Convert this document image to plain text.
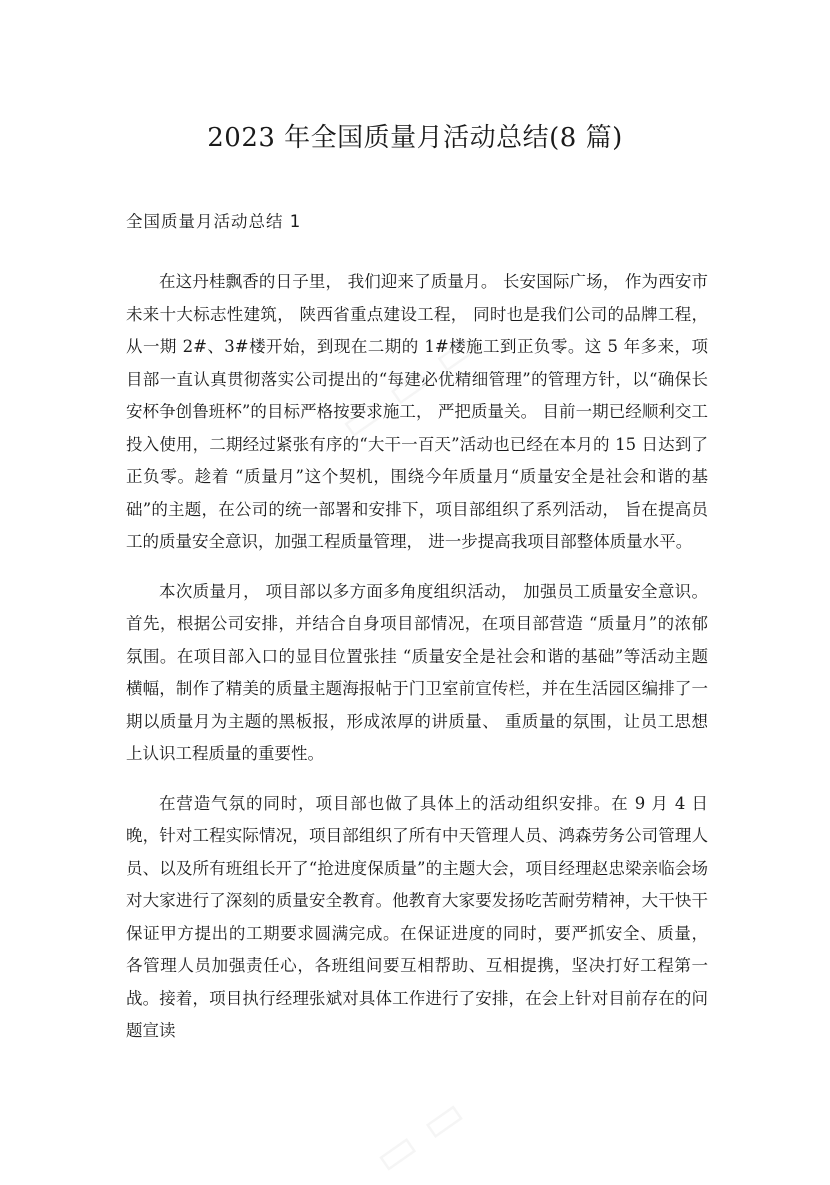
▭ ▭ ▭
▭ ▭
2023 年全国质量月活动总结(8 篇)
全国质量月活动总结 1

在这丹桂飘香的日子里， 我们迎来了质量月。 长安国际广场， 作为西安市未来十大标志性建筑， 陕西省重点建设工程， 同时也是我们公司的品牌工程， 从一期 2#、3#楼开始，到现在二期的 1#楼施工到正负零。这 5 年多来，项目部一直认真贯彻落实公司提出的“每建必优精细管理”的管理方针，以“确保长安杯争创鲁班杯”的目标严格按要求施工， 严把质量关。 目前一期已经顺利交工投入使用，二期经过紧张有序的“大干一百天”活动也已经在本月的 15 日达到了正负零。趁着 “质量月”这个契机，围绕今年质量月“质量安全是社会和谐的基础”的主题，在公司的统一部署和安排下，项目部组织了系列活动， 旨在提高员工的质量安全意识，加强工程质量管理， 进一步提高我项目部整体质量水平。

本次质量月， 项目部以多方面多角度组织活动， 加强员工质量安全意识。首先，根据公司安排，并结合自身项目部情况，在项目部营造 “质量月”的浓郁氛围。在项目部入口的显目位置张挂 “质量安全是社会和谐的基础”等活动主题横幅，制作了精美的质量主题海报帖于门卫室前宣传栏，并在生活园区编排了一期以质量月为主题的黑板报，形成浓厚的讲质量、 重质量的氛围，让员工思想上认识工程质量的重要性。

在营造气氛的同时，项目部也做了具体上的活动组织安排。在 9 月 4 日晚，针对工程实际情况，项目部组织了所有中天管理人员、鸿森劳务公司管理人员、以及所有班组长开了“抢进度保质量”的主题大会，项目经理赵忠梁亲临会场对大家进行了深刻的质量安全教育。他教育大家要发扬吃苦耐劳精神，大干快干保证甲方提出的工期要求圆满完成。在保证进度的同时，要严抓安全、质量， 各管理人员加强责任心，各班组间要互相帮助、互相提携，坚决打好工程第一战。接着，项目执行经理张斌对具体工作进行了安排，在会上针对目前存在的问题宣读
